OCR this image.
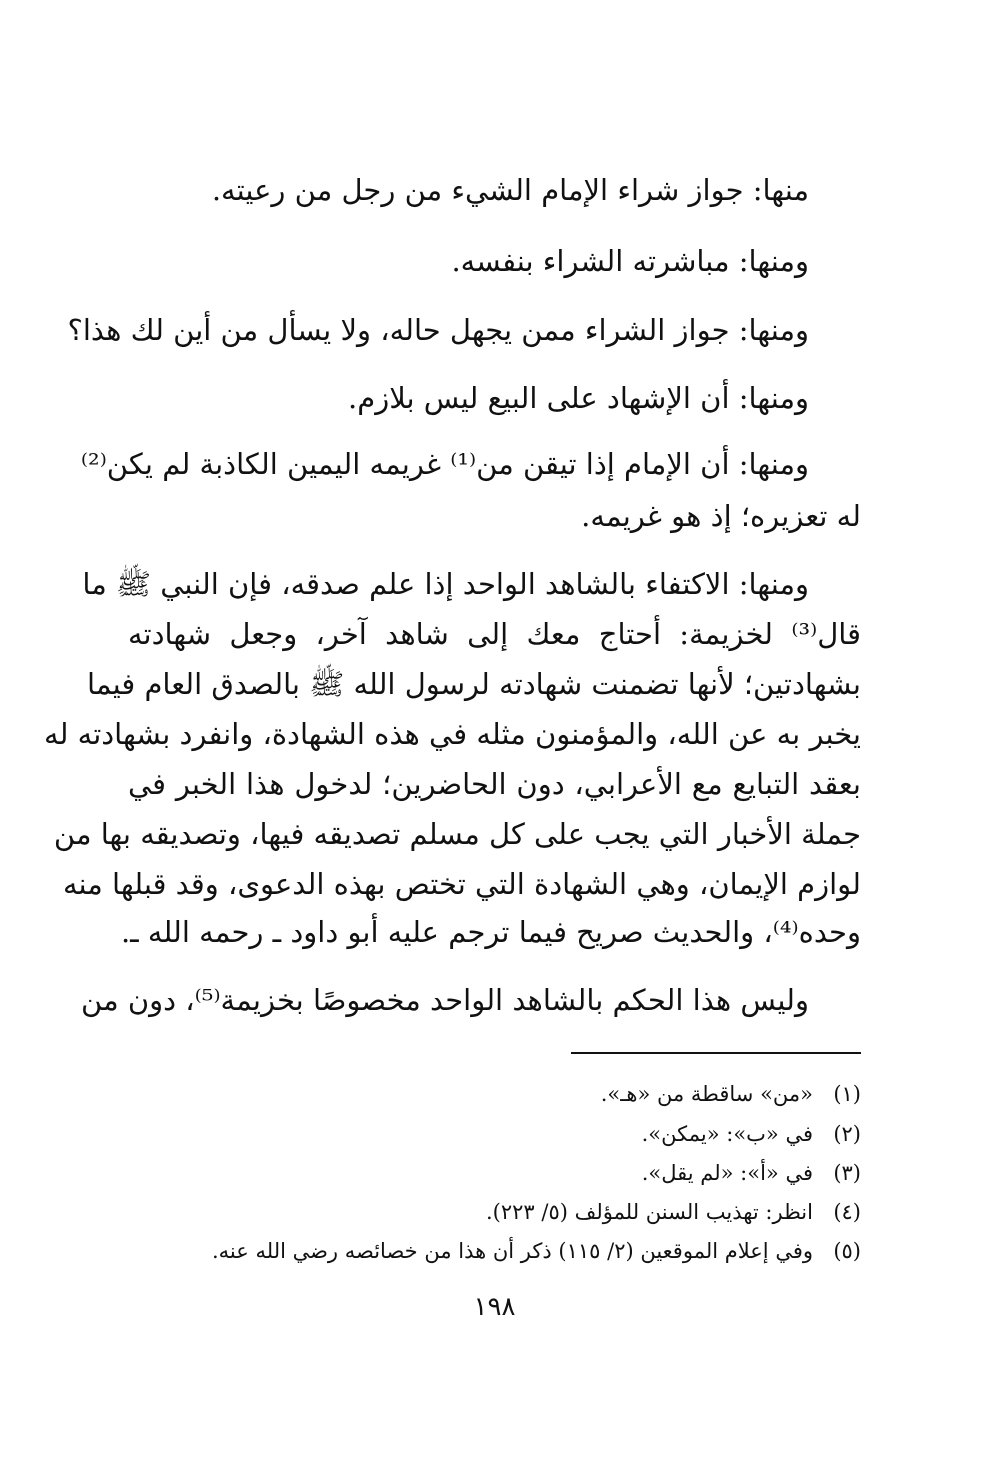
منها: جواز شراء الإمام الشيء من رجل من رعيته.
ومنها: مباشرته الشراء بنفسه.
ومنها: جواز الشراء ممن يجهل حاله، ولا يسأل من أين لك هذا؟
ومنها: أن الإشهاد على البيع ليس بلازم.
ومنها: أن الإمام إذا تيقن من⁽¹⁾ غريمه اليمين الكاذبة لم يكن⁽²⁾
له تعزيره؛ إذ هو غريمه.
ومنها: الاكتفاء بالشاهد الواحد إذا علم صدقه، فإن النبي ﷺ ما
قال⁽³⁾ لخزيمة: أحتاج معك إلى شاهد آخر، وجعل شهادته
بشهادتين؛ لأنها تضمنت شهادته لرسول الله ﷺ بالصدق العام فيما
يخبر به عن الله، والمؤمنون مثله في هذه الشهادة، وانفرد بشهادته له
بعقد التبايع مع الأعرابي، دون الحاضرين؛ لدخول هذا الخبر في
جملة الأخبار التي يجب على كل مسلم تصديقه فيها، وتصديقه بها من
لوازم الإيمان، وهي الشهادة التي تختص بهذه الدعوى، وقد قبلها منه
وحده⁽⁴⁾، والحديث صريح فيما ترجم عليه أبو داود ـ رحمه الله ـ.
وليس هذا الحكم بالشاهد الواحد مخصوصًا بخزيمة⁽⁵⁾، دون من
(١)«من» ساقطة من «هـ».
(٢)في «ب»: «يمكن».
(٣)في «أ»: «لم يقل».
(٤)انظر: تهذيب السنن للمؤلف (٥/ ٢٢٣).
(٥)وفي إعلام الموقعين (٢/ ١١٥) ذكر أن هذا من خصائصه رضي الله عنه.
١٩٨
